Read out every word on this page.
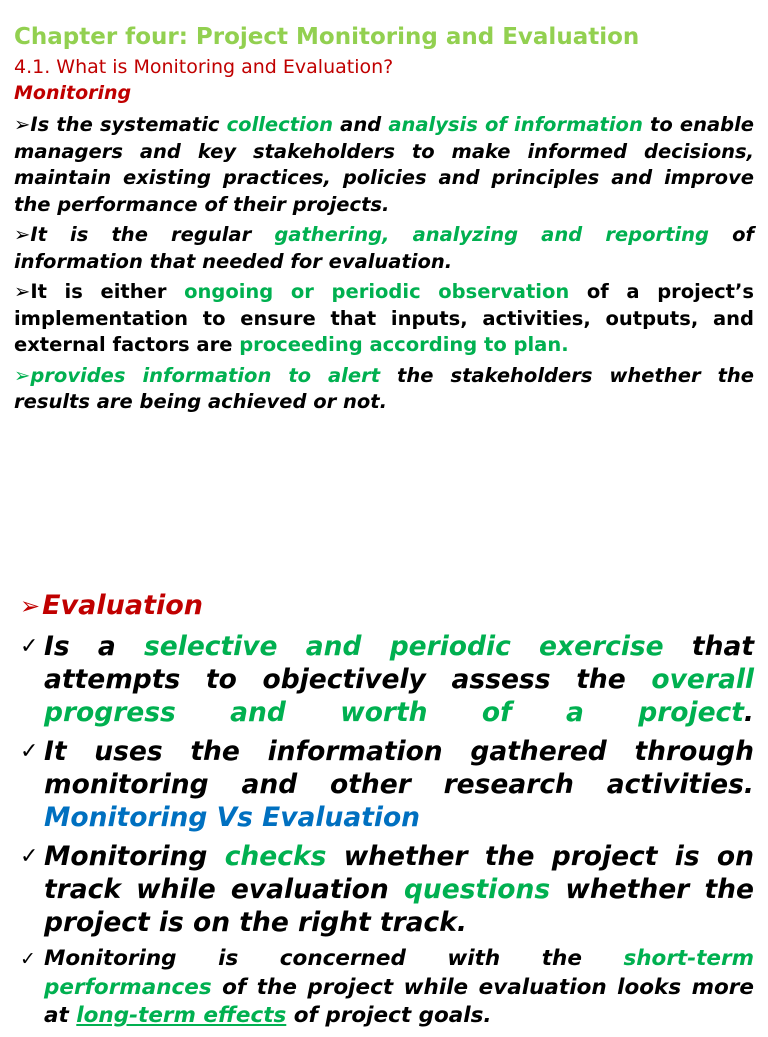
Chapter four: Project Monitoring and Evaluation
4.1. What is Monitoring and Evaluation?
Monitoring

➢Is the systematic collection and analysis of information to enable managers and key stakeholders to make informed decisions, maintain existing practices, policies and principles and improve the performance of their projects.

➢It is the regular gathering, analyzing and reporting of information that needed for evaluation.

➢It is either ongoing or periodic observation of a project’s implementation to ensure that inputs, activities, outputs, and external factors are proceeding according to plan.

➢provides information to alert the stakeholders whether the results are being achieved or not.

➢Evaluation
✓ Is a selective and periodic exercise that attempts to objectively assess the overall progress and worth of a project.
✓ It uses the information gathered through monitoring and other research activities.
Monitoring Vs Evaluation
✓ Monitoring checks whether the project is on track while evaluation questions whether the project is on the right track.
✓ Monitoring is concerned with the short-term performances of the project while evaluation looks more at long-term effects of project goals.
